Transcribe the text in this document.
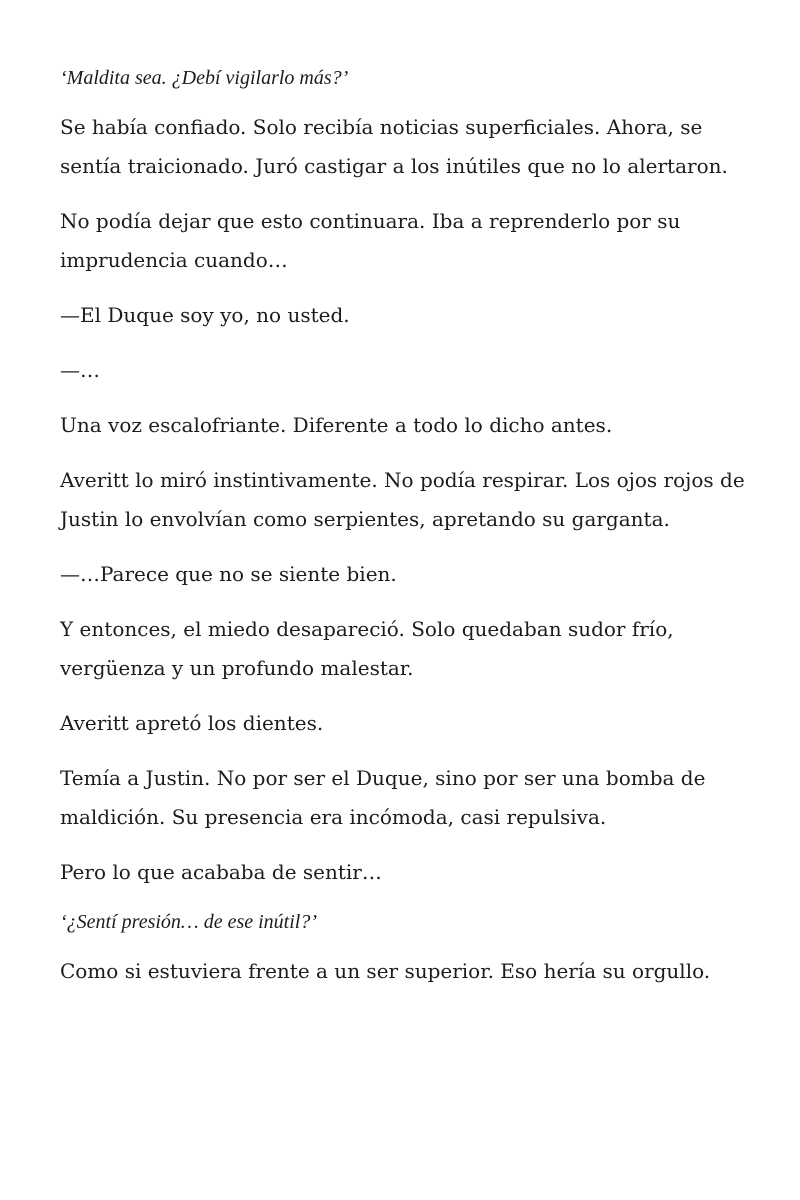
‘Maldita sea. ¿Debí vigilarlo más?’

Se había confiado. Solo recibía noticias superficiales. Ahora, se sentía traicionado. Juró castigar a los inútiles que no lo alertaron.

No podía dejar que esto continuara. Iba a reprenderlo por su imprudencia cuando…

—El Duque soy yo, no usted.

—…

Una voz escalofriante. Diferente a todo lo dicho antes.

Averitt lo miró instintivamente. No podía respirar. Los ojos rojos de Justin lo envolvían como serpientes, apretando su garganta.

—…Parece que no se siente bien.

Y entonces, el miedo desapareció. Solo quedaban sudor frío, vergüenza y un profundo malestar.

Averitt apretó los dientes.

Temía a Justin. No por ser el Duque, sino por ser una bomba de maldición. Su presencia era incómoda, casi repulsiva.

Pero lo que acababa de sentir…

‘¿Sentí presión… de ese inútil?’

Como si estuviera frente a un ser superior. Eso hería su orgullo.
